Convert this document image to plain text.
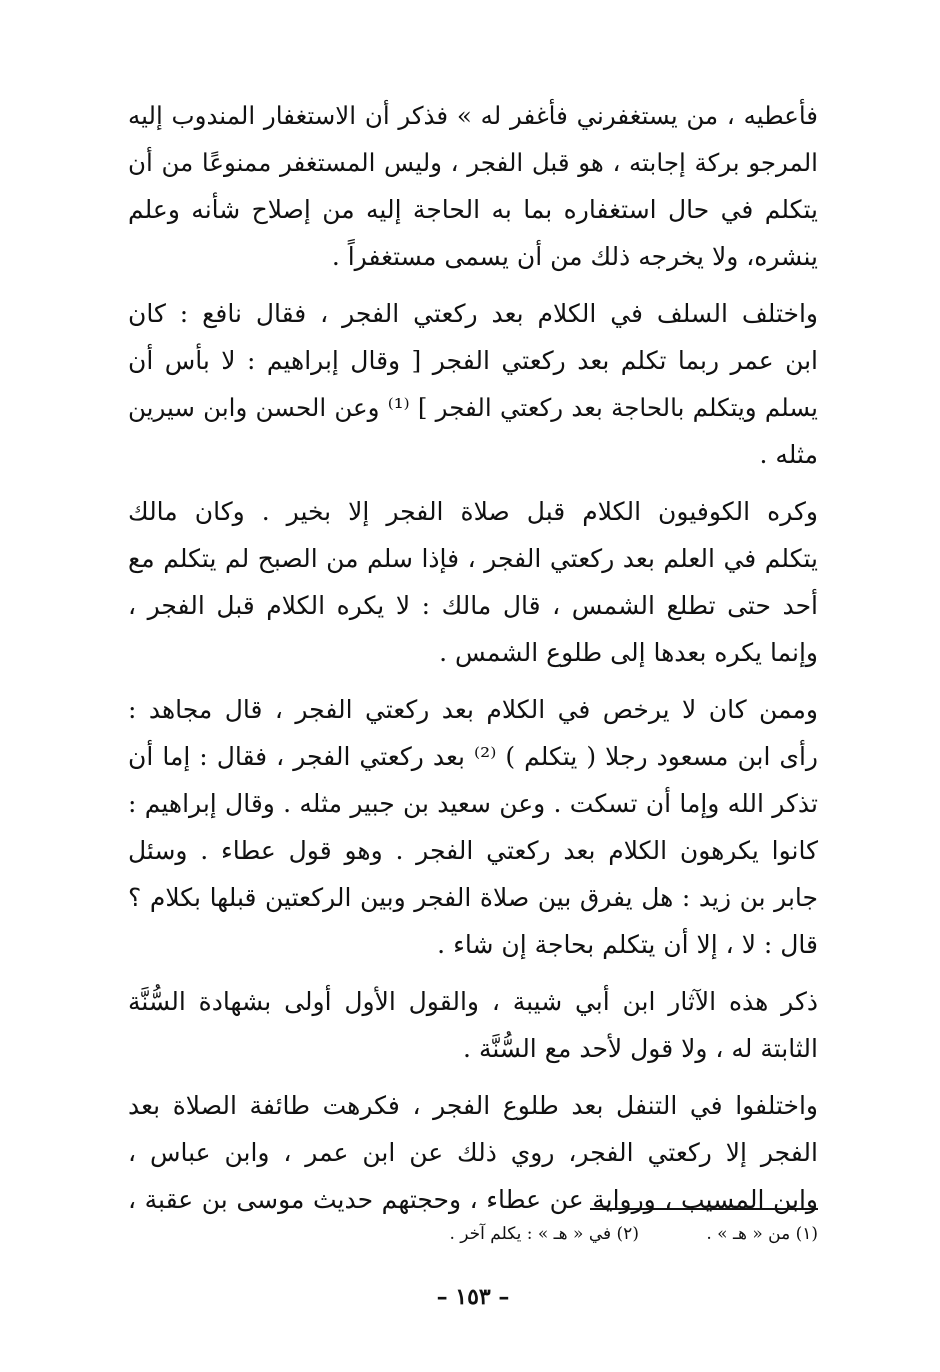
فأعطيه ، من يستغفرني فأغفر له » فذكر أن الاستغفار المندوب إليه
المرجو بركة إجابته ، هو قبل الفجر ، وليس المستغفر ممنوعًا من أن
يتكلم في حال استغفاره بما به الحاجة إليه من إصلاح شأنه وعلم
ينشره، ولا يخرجه ذلك من أن يسمى مستغفراً .

واختلف السلف في الكلام بعد ركعتي الفجر ، فقال نافع : كان
ابن عمر ربما تكلم بعد ركعتي الفجر [ وقال إبراهيم : لا بأس أن
يسلم ويتكلم بالحاجة بعد ركعتي الفجر ] ⁽¹⁾ وعن الحسن وابن سيرين
مثله .

وكره الكوفيون الكلام قبل صلاة الفجر إلا بخير . وكان مالك
يتكلم في العلم بعد ركعتي الفجر ، فإذا سلم من الصبح لم يتكلم مع
أحد حتى تطلع الشمس ، قال مالك : لا يكره الكلام قبل الفجر ،
وإنما يكره بعدها إلى طلوع الشمس .

وممن كان لا يرخص في الكلام بعد ركعتي الفجر ، قال مجاهد :
رأى ابن مسعود رجلا ( يتكلم ) ⁽²⁾ بعد ركعتي الفجر ، فقال : إما أن
تذكر الله وإما أن تسكت . وعن سعيد بن جبير مثله . وقال إبراهيم :
كانوا يكرهون الكلام بعد ركعتي الفجر . وهو قول عطاء . وسئل
جابر بن زيد : هل يفرق بين صلاة الفجر وبين الركعتين قبلها بكلام ؟
قال : لا ، إلا أن يتكلم بحاجة إن شاء .

ذكر هذه الآثار ابن أبي شيبة ، والقول الأول أولى بشهادة السُّنَّة
الثابتة له ، ولا قول لأحد مع السُّنَّة .

واختلفوا في التنفل بعد طلوع الفجر ، فكرهت طائفة الصلاة بعد
الفجر إلا ركعتي الفجر، روي ذلك عن ابن عمر ، وابن عباس ،
وابن المسيب ، ورواية عن عطاء ، وحجتهم حديث موسى بن عقبة ،

(١) من « هـ » . (٢) في « هـ » : يكلم آخر .
– ١٥٣ –
